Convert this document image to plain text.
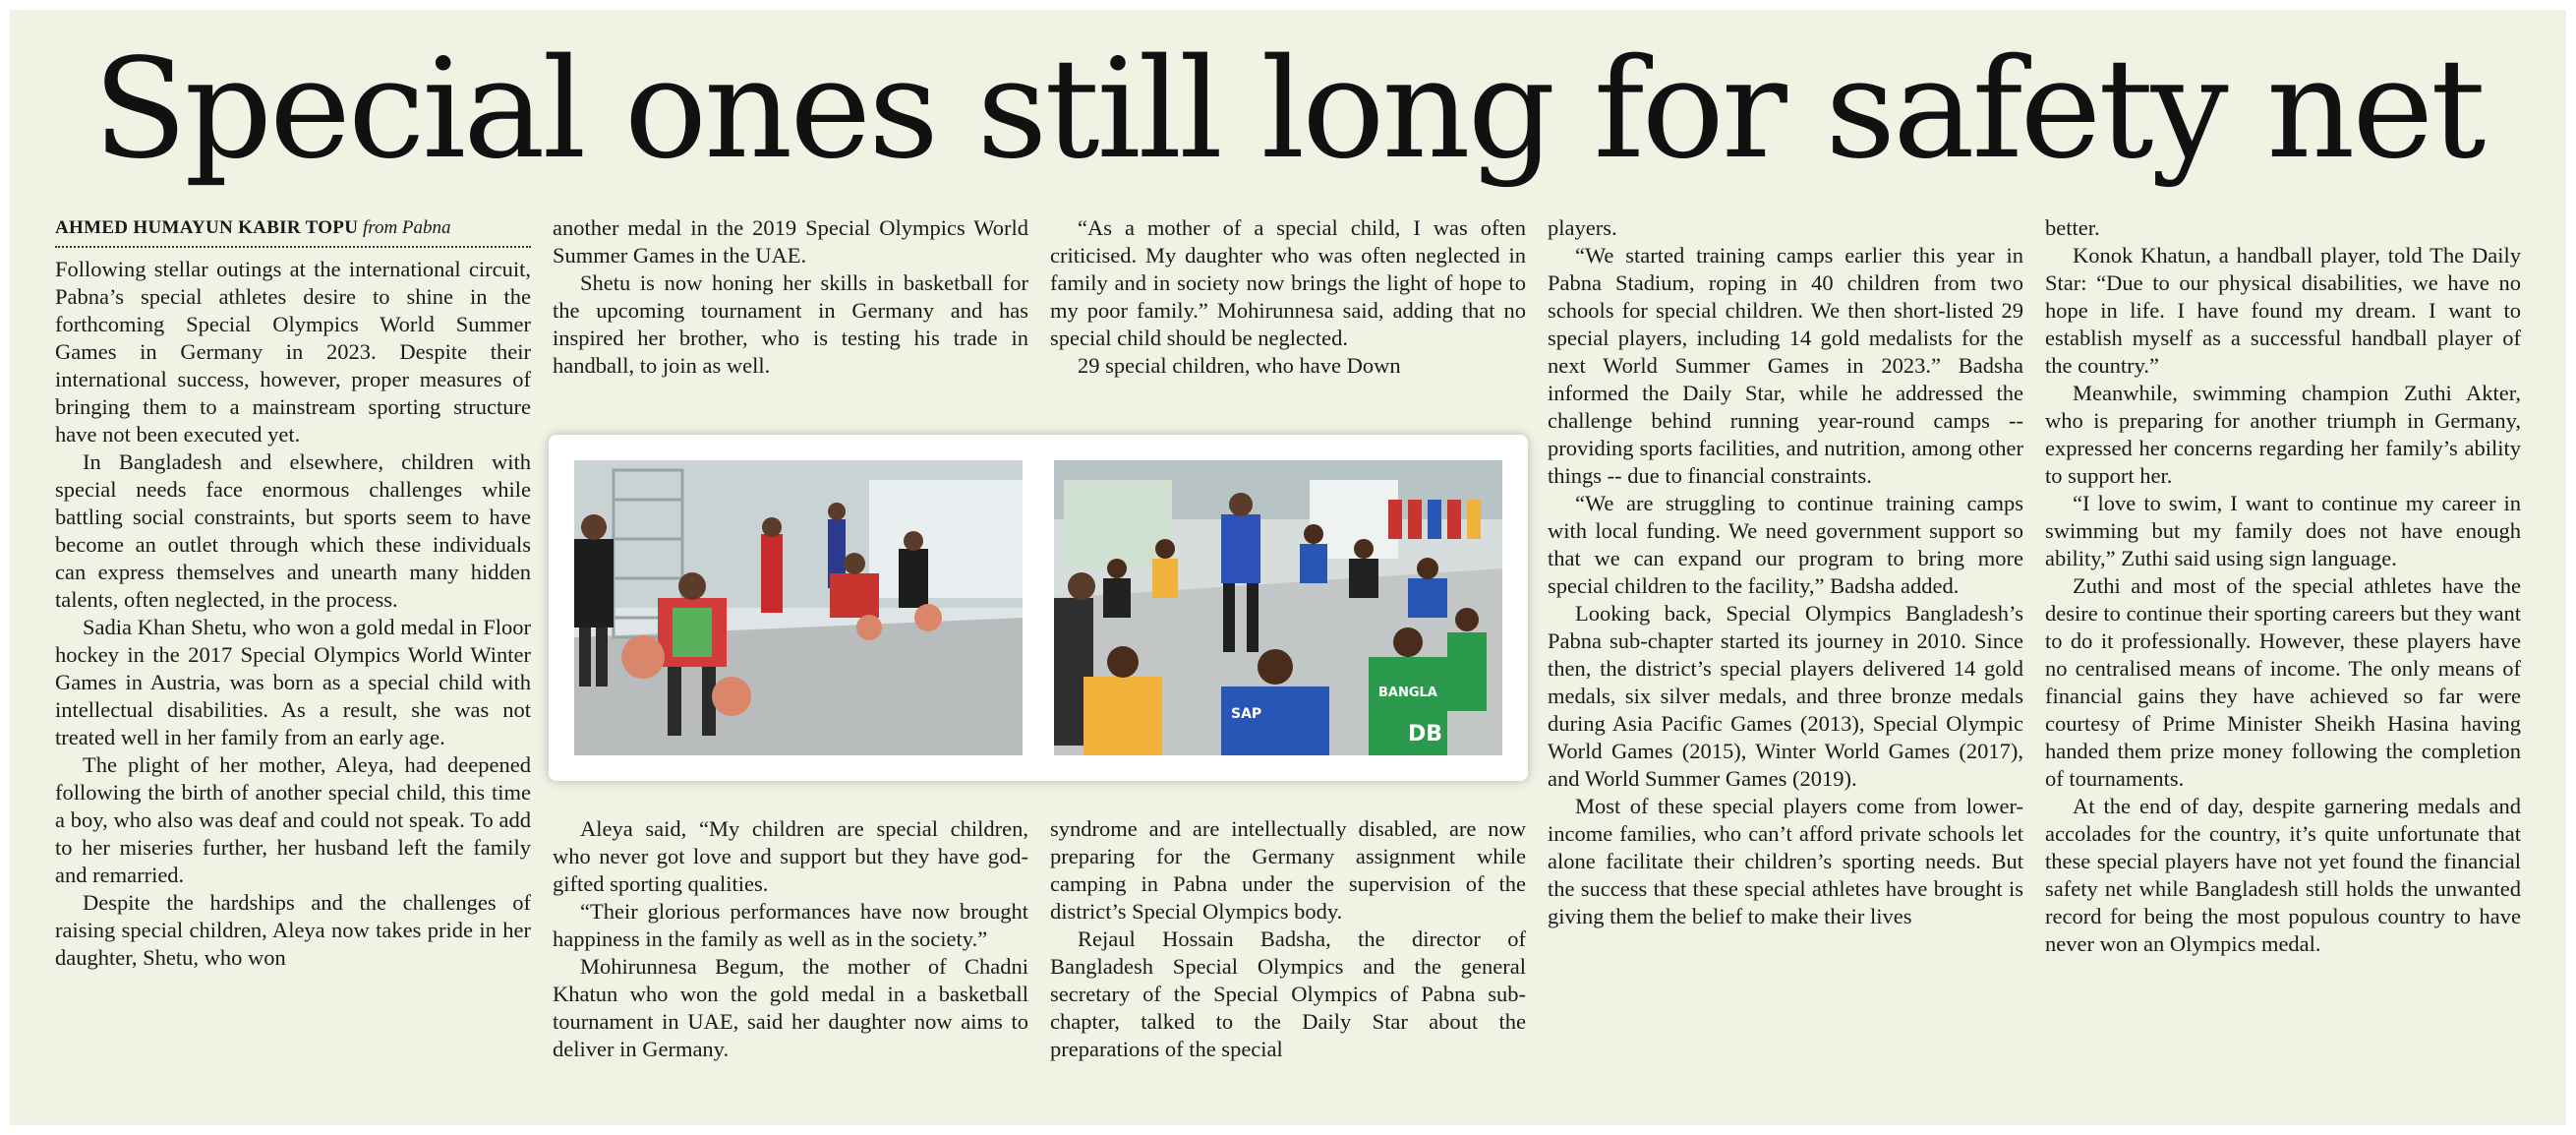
Special ones still long for safety net
AHMED HUMAYUN KABIR TOPU from Pabna

Following stellar outings at the international circuit, Pabna’s special athletes desire to shine in the forthcoming Special Olympics World Summer Games in Germany in 2023. Despite their international success, however, proper measures of bringing them to a mainstream sporting structure have not been executed yet.

In Bangladesh and elsewhere, children with special needs face enormous challenges while battling social constraints, but sports seem to have become an outlet through which these individuals can express themselves and unearth many hidden talents, often neglected, in the process.

Sadia Khan Shetu, who won a gold medal in Floor hockey in the 2017 Special Olympics World Winter Games in Austria, was born as a special child with intellectual disabilities. As a result, she was not treated well in her family from an early age.

The plight of her mother, Aleya, had deepened following the birth of another special child, this time a boy, who also was deaf and could not speak. To add to her miseries further, her husband left the family and remarried.

Despite the hardships and the challenges of raising special children, Aleya now takes pride in her daughter, Shetu, who won

another medal in the 2019 Special Olympics World Summer Games in the UAE.

Shetu is now honing her skills in basketball for the upcoming tournament in Germany and has inspired her brother, who is testing his trade in handball, to join as well.

“As a mother of a special child, I was often criticised. My daughter who was often neglected in family and in society now brings the light of hope to my poor family.” Mohirunnesa said, adding that no special child should be neglected.

29 special children, who have Down

SAP
BANGLA
DB

Aleya said, “My children are special children, who never got love and support but they have god-gifted sporting qualities.

“Their glorious performances have now brought happiness in the family as well as in the society.”

Mohirunnesa Begum, the mother of Chadni Khatun who won the gold medal in a basketball tournament in UAE, said her daughter now aims to deliver in Germany.

syndrome and are intellectually disabled, are now preparing for the Germany assignment while camping in Pabna under the supervision of the district’s Special Olympics body.

Rejaul Hossain Badsha, the director of Bangladesh Special Olympics and the general secretary of the Special Olympics of Pabna sub-chapter, talked to the Daily Star about the preparations of the special

players.

“We started training camps earlier this year in Pabna Stadium, roping in 40 children from two schools for special children. We then short-listed 29 special players, including 14 gold medalists for the next World Summer Games in 2023.” Badsha informed the Daily Star, while he addressed the challenge behind running year-round camps -- providing sports facilities, and nutrition, among other things -- due to financial constraints.

“We are struggling to continue training camps with local funding. We need government support so that we can expand our program to bring more special children to the facility,” Badsha added.

Looking back, Special Olympics Bangladesh’s Pabna sub-chapter started its journey in 2010. Since then, the district’s special players delivered 14 gold medals, six silver medals, and three bronze medals during Asia Pacific Games (2013), Special Olympic World Games (2015), Winter World Games (2017), and World Summer Games (2019).

Most of these special players come from lower-income families, who can’t afford private schools let alone facilitate their children’s sporting needs. But the success that these special athletes have brought is giving them the belief to make their lives

better.

Konok Khatun, a handball player, told The Daily Star: “Due to our physical disabilities, we have no hope in life. I have found my dream. I want to establish myself as a successful handball player of the country.”

Meanwhile, swimming champion Zuthi Akter, who is preparing for another triumph in Germany, expressed her concerns regarding her family’s ability to support her.

“I love to swim, I want to continue my career in swimming but my family does not have enough ability,” Zuthi said using sign language.

Zuthi and most of the special athletes have the desire to continue their sporting careers but they want to do it professionally. However, these players have no centralised means of income. The only means of financial gains they have achieved so far were courtesy of Prime Minister Sheikh Hasina having handed them prize money following the completion of tournaments.

At the end of day, despite garnering medals and accolades for the country, it’s quite unfortunate that these special players have not yet found the financial safety net while Bangladesh still holds the unwanted record for being the most populous country to have never won an Olympics medal.
